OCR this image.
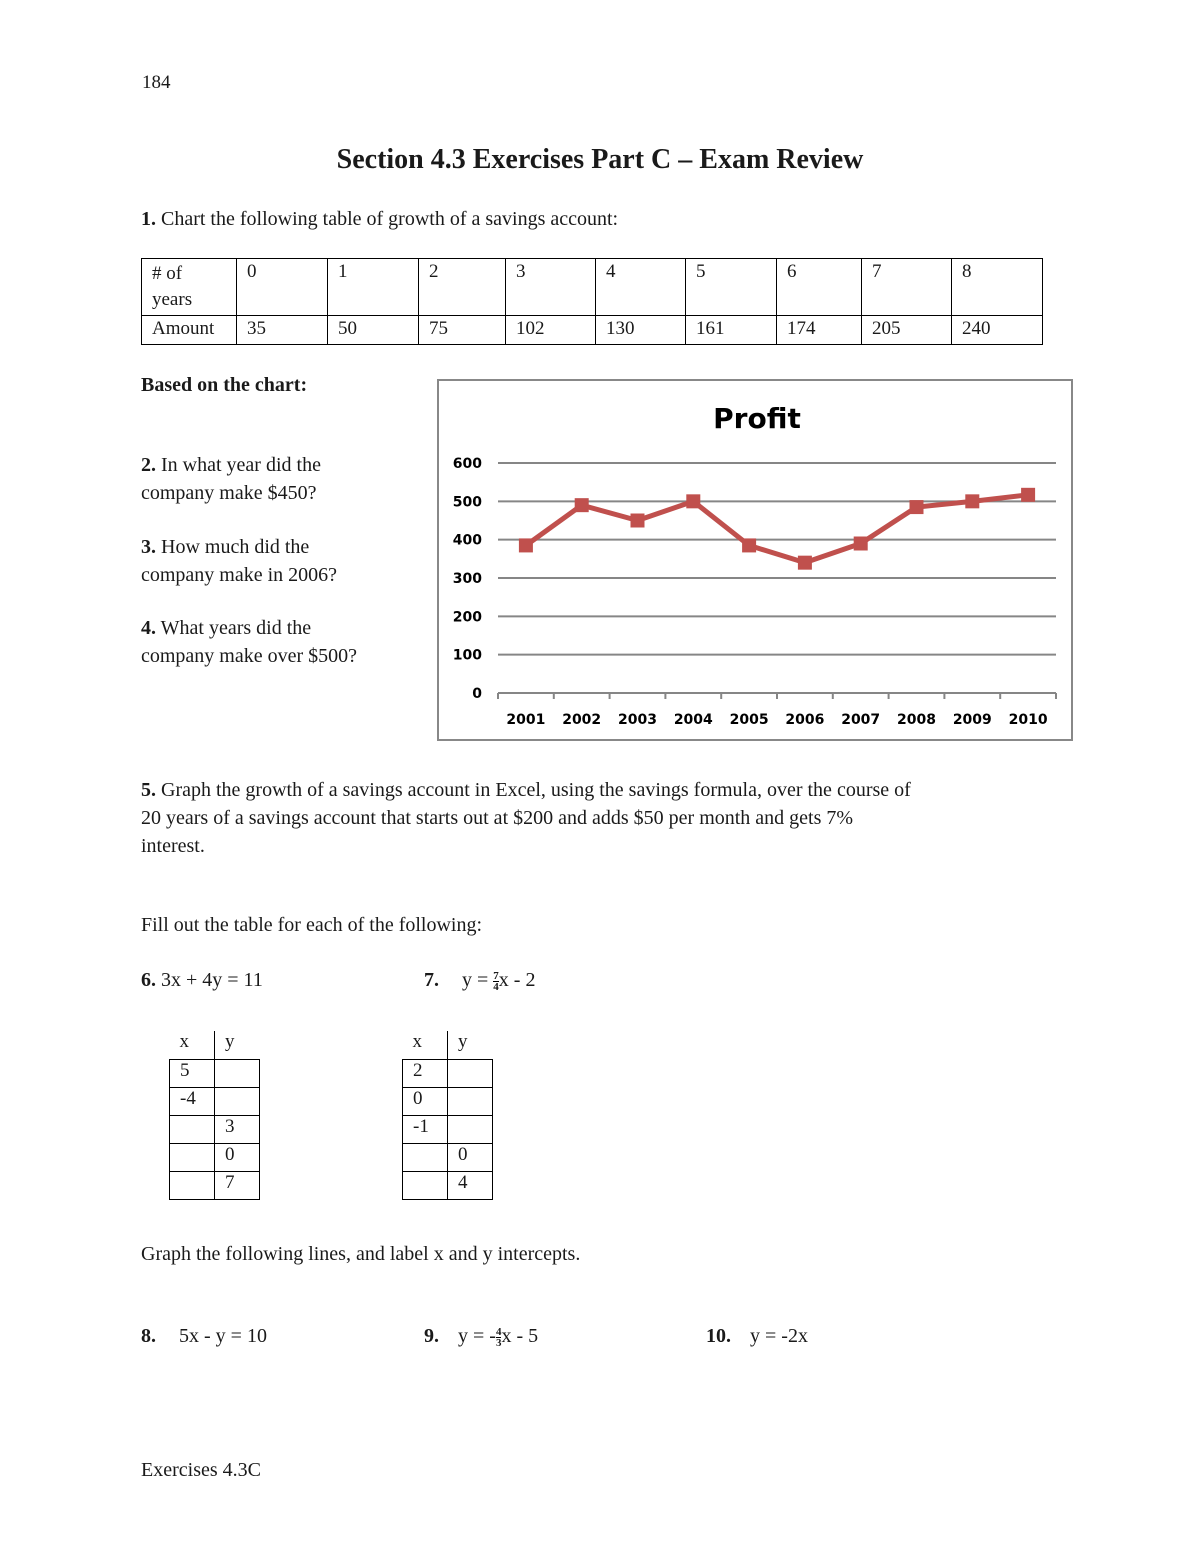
184
Section 4.3 Exercises Part C – Exam Review
1. Chart the following table of growth of a savings account:
# of
years	0	1	2	3	4	5	6	7	8
Amount	35	50	75	102	130	161	174	205	240
Based on the chart:
2. In what year did the
company make $450?
3. How much did the
company make in 2006?
4. What years did the
company make over $500?
Profit
0
100
200
300
400
500
600
2001 2002 2003 2004 2005 2006 2007 2008 2009 2010
5. Graph the growth of a savings account in Excel, using the savings formula, over the course of
20 years of a savings account that starts out at $200 and adds $50 per month and gets 7%
interest.
Fill out the table for each of the following:
6. 3x + 4y = 11	7. $y = \frac{7}{4}$ x - 2
x	y
5	
-4	
	3
	0
	7
x	y
2	
0	
-1	
	0
	4
Graph the following lines, and label x and y intercepts.
8. 5x - y = 10	9. y = - $\frac{4}{3}$ x - 5	10. y = -2x
Exercises 4.3C
